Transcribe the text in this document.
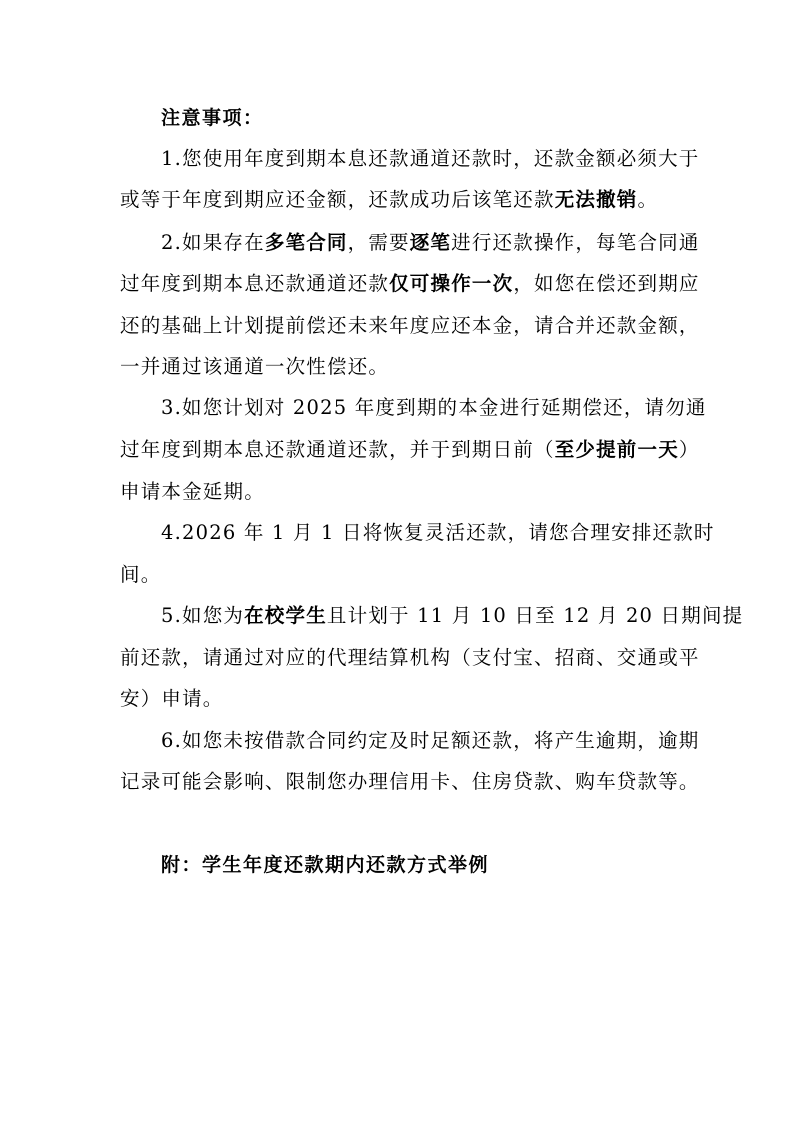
注意事项：
1.您使用年度到期本息还款通道还款时，还款金额必须大于
或等于年度到期应还金额，还款成功后该笔还款无法撤销。
2.如果存在多笔合同，需要逐笔进行还款操作，每笔合同通
过年度到期本息还款通道还款仅可操作一次，如您在偿还到期应
还的基础上计划提前偿还未来年度应还本金，请合并还款金额，
一并通过该通道一次性偿还。
3.如您计划对 2025 年度到期的本金进行延期偿还，请勿通
过年度到期本息还款通道还款，并于到期日前（至少提前一天）
申请本金延期。
4.2026 年 1 月 1 日将恢复灵活还款，请您合理安排还款时
间。
5.如您为在校学生且计划于 11 月 10 日至 12 月 20 日期间提
前还款，请通过对应的代理结算机构（支付宝、招商、交通或平
安）申请。
6.如您未按借款合同约定及时足额还款，将产生逾期，逾期
记录可能会影响、限制您办理信用卡、住房贷款、购车贷款等。
附：学生年度还款期内还款方式举例
